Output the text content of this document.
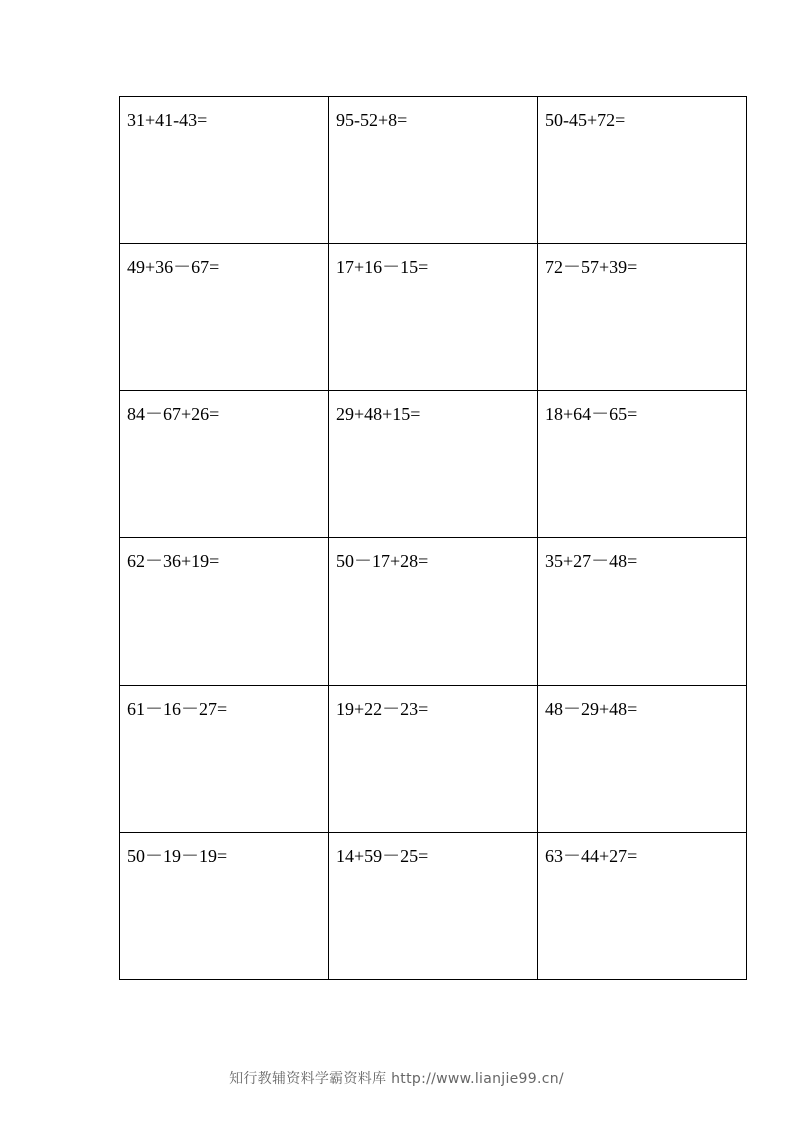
31+41-43=	95-52+8=	50-45+72=

49+36－67=	17+16－15=	72－57+39=

84－67+26=	29+48+15=	18+64－65=

62－36+19=	50－17+28=	35+27－48=

61－16－27=	19+22－23=	48－29+48=

50－19－19=	14+59－25=	63－44+27=
知行教辅资料学霸资料库 http://www.lianjie99.cn/
